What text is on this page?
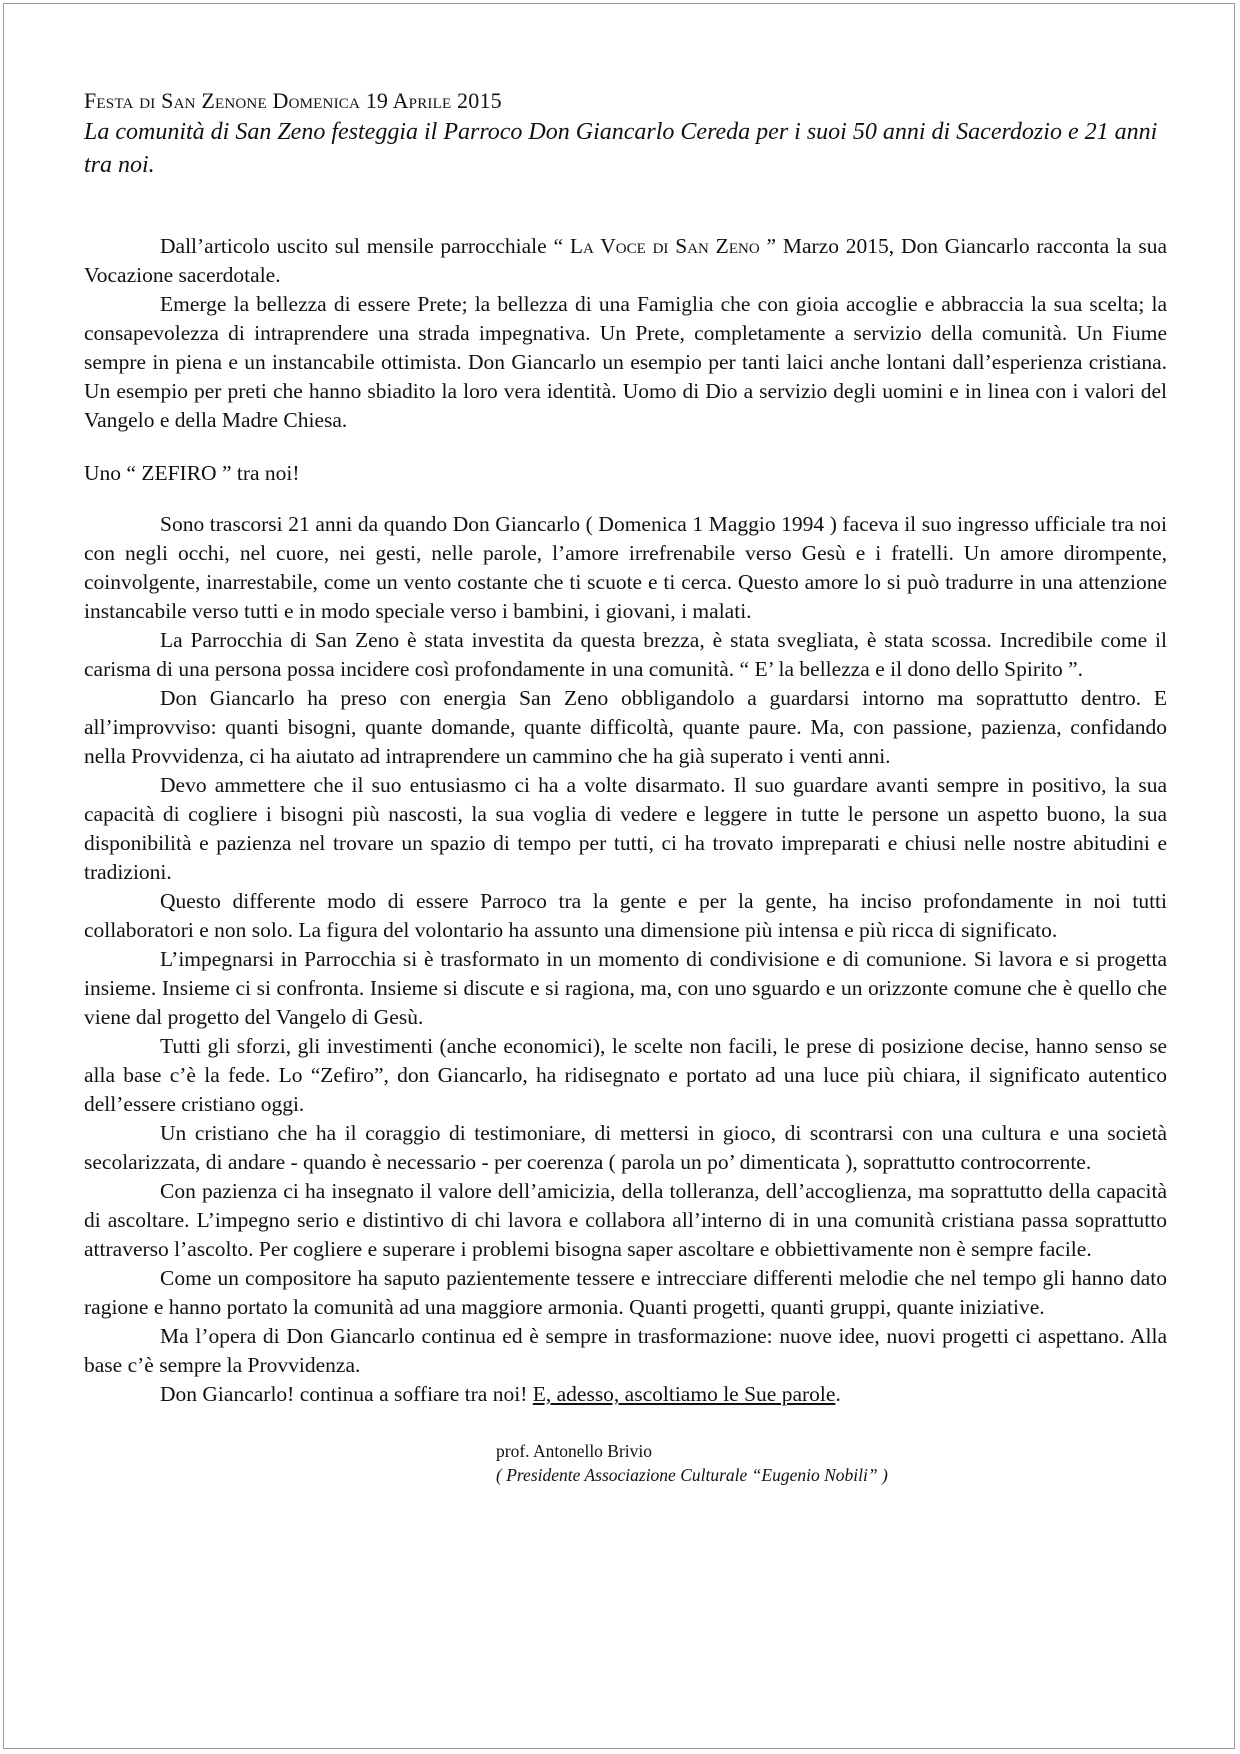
Festa di San Zenone Domenica 19 Aprile 2015

La comunità di San Zeno festeggia il Parroco Don Giancarlo Cereda per i suoi 50 anni di Sacerdozio e 21 anni tra noi.

Dall’articolo uscito sul mensile parrocchiale “ La Voce di San Zeno ” Marzo 2015, Don Giancarlo racconta la sua Vocazione sacerdotale.

Emerge la bellezza di essere Prete; la bellezza di una Famiglia che con gioia accoglie e abbraccia la sua scelta; la consapevolezza di intraprendere una strada impegnativa. Un Prete, completamente a servizio della comunità. Un Fiume sempre in piena e un instancabile ottimista. Don Giancarlo un esempio per tanti laici anche lontani dall’esperienza cristiana. Un esempio per preti che hanno sbiadito la loro vera identità. Uomo di Dio a servizio degli uomini e in linea con i valori del Vangelo e della Madre Chiesa.

Uno “ ZEFIRO ” tra noi!

Sono trascorsi 21 anni da quando Don Giancarlo ( Domenica 1 Maggio 1994 ) faceva il suo ingresso ufficiale tra noi con negli occhi, nel cuore, nei gesti, nelle parole, l’amore irrefrenabile verso Gesù e i fratelli. Un amore dirompente, coinvolgente, inarrestabile, come un vento costante che ti scuote e ti cerca. Questo amore lo si può tradurre in una attenzione instancabile verso tutti e in modo speciale verso i bambini, i giovani, i malati.

La Parrocchia di San Zeno è stata investita da questa brezza, è stata svegliata, è stata scossa. Incredibile come il carisma di una persona possa incidere così profondamente in una comunità. “ E’ la bellezza e il dono dello Spirito ”.

Don Giancarlo ha preso con energia San Zeno obbligandolo a guardarsi intorno ma soprattutto dentro. E all’improvviso: quanti bisogni, quante domande, quante difficoltà, quante paure. Ma, con passione, pazienza, confidando nella Provvidenza, ci ha aiutato ad intraprendere un cammino che ha già superato i venti anni.

Devo ammettere che il suo entusiasmo ci ha a volte disarmato. Il suo guardare avanti sempre in positivo, la sua capacità di cogliere i bisogni più nascosti, la sua voglia di vedere e leggere in tutte le persone un aspetto buono, la sua disponibilità e pazienza nel trovare un spazio di tempo per tutti, ci ha trovato impreparati e chiusi nelle nostre abitudini e tradizioni.

Questo differente modo di essere Parroco tra la gente e per la gente, ha inciso profondamente in noi tutti collaboratori e non solo. La figura del volontario ha assunto una dimensione più intensa e più ricca di significato.

L’impegnarsi in Parrocchia si è trasformato in un momento di condivisione e di comunione. Si lavora e si progetta insieme. Insieme ci si confronta. Insieme si discute e si ragiona, ma, con uno sguardo e un orizzonte comune che è quello che viene dal progetto del Vangelo di Gesù.

Tutti gli sforzi, gli investimenti (anche economici), le scelte non facili, le prese di posizione decise, hanno senso se alla base c’è la fede. Lo “Zefiro”, don Giancarlo, ha ridisegnato e portato ad una luce più chiara, il significato autentico dell’essere cristiano oggi.

Un cristiano che ha il coraggio di testimoniare, di mettersi in gioco, di scontrarsi con una cultura e una società secolarizzata, di andare - quando è necessario - per coerenza ( parola un po’ dimenticata ), soprattutto controcorrente.

Con pazienza ci ha insegnato il valore dell’amicizia, della tolleranza, dell’accoglienza, ma soprattutto della capacità di ascoltare. L’impegno serio e distintivo di chi lavora e collabora all’interno di in una comunità cristiana passa soprattutto attraverso l’ascolto. Per cogliere e superare i problemi bisogna saper ascoltare e obbiettivamente non è sempre facile.

Come un compositore ha saputo pazientemente tessere e intrecciare differenti melodie che nel tempo gli hanno dato ragione e hanno portato la comunità ad una maggiore armonia. Quanti progetti, quanti gruppi, quante iniziative.

Ma l’opera di Don Giancarlo continua ed è sempre in trasformazione: nuove idee, nuovi progetti ci aspettano. Alla base c’è sempre la Provvidenza.

Don Giancarlo! continua a soffiare tra noi! E, adesso, ascoltiamo le Sue parole.

prof. Antonello Brivio
( Presidente Associazione Culturale “Eugenio Nobili” )
